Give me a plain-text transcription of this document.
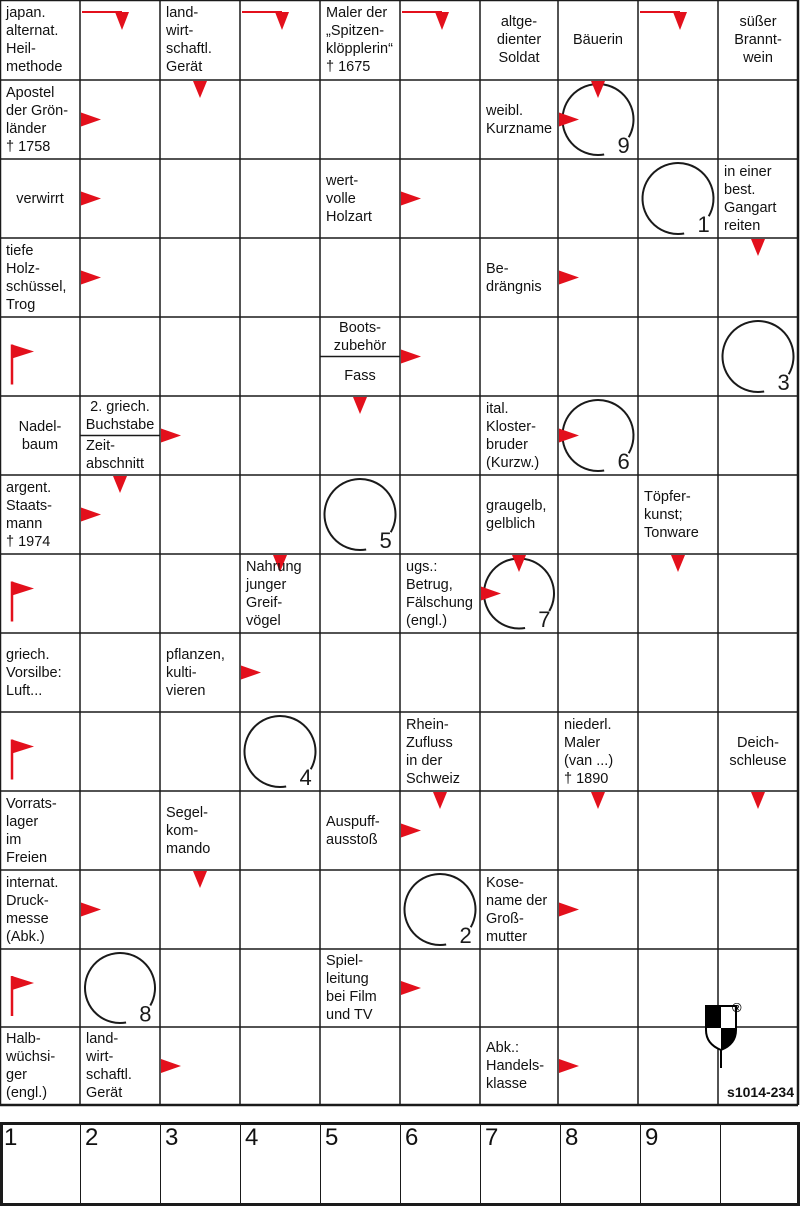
9
1
3
6
5
7
4
2
8
japan.
alternat.
Heil-
methode
land-
wirt-
schaftl.
Gerät
Maler der
„Spitzen-
klöpplerin“
† 1675
altge-
dienter
Soldat
Bäuerin
süßer
Brannt-
wein
Apostel
der Grön-
länder
† 1758
weibl.
Kurzname
verwirrt
wert-
volle
Holzart
in einer
best.
Gangart
reiten
tiefe
Holz-
schüssel,
Trog
Be-
drängnis
Boots-
zubehör
Fass
Nadel-
baum
2. griech.
Buchstabe
Zeit-
abschnitt
ital.
Kloster-
bruder
(Kurzw.)
argent.
Staats-
mann
† 1974
graugelb,
gelblich
Töpfer-
kunst;
Tonware
Nahrung
junger
Greif-
vögel
ugs.:
Betrug,
Fälschung
(engl.)
griech.
Vorsilbe:
Luft...
pflanzen,
kulti-
vieren
Rhein-
Zufluss
in der
Schweiz
niederl.
Maler
(van ...)
† 1890
Deich-
schleuse
Vorrats-
lager
im
Freien
Segel-
kom-
mando
Auspuff-
ausstoß
internat.
Druck-
messe
(Abk.)
Kose-
name der
Groß-
mutter
Spiel-
leitung
bei Film
und TV
Halb-
wüchsi-
ger
(engl.)
land-
wirt-
schaftl.
Gerät
Abk.:
Handels-
klasse
®
s1014-234
1	2	3	4	5	6	7	8	9
